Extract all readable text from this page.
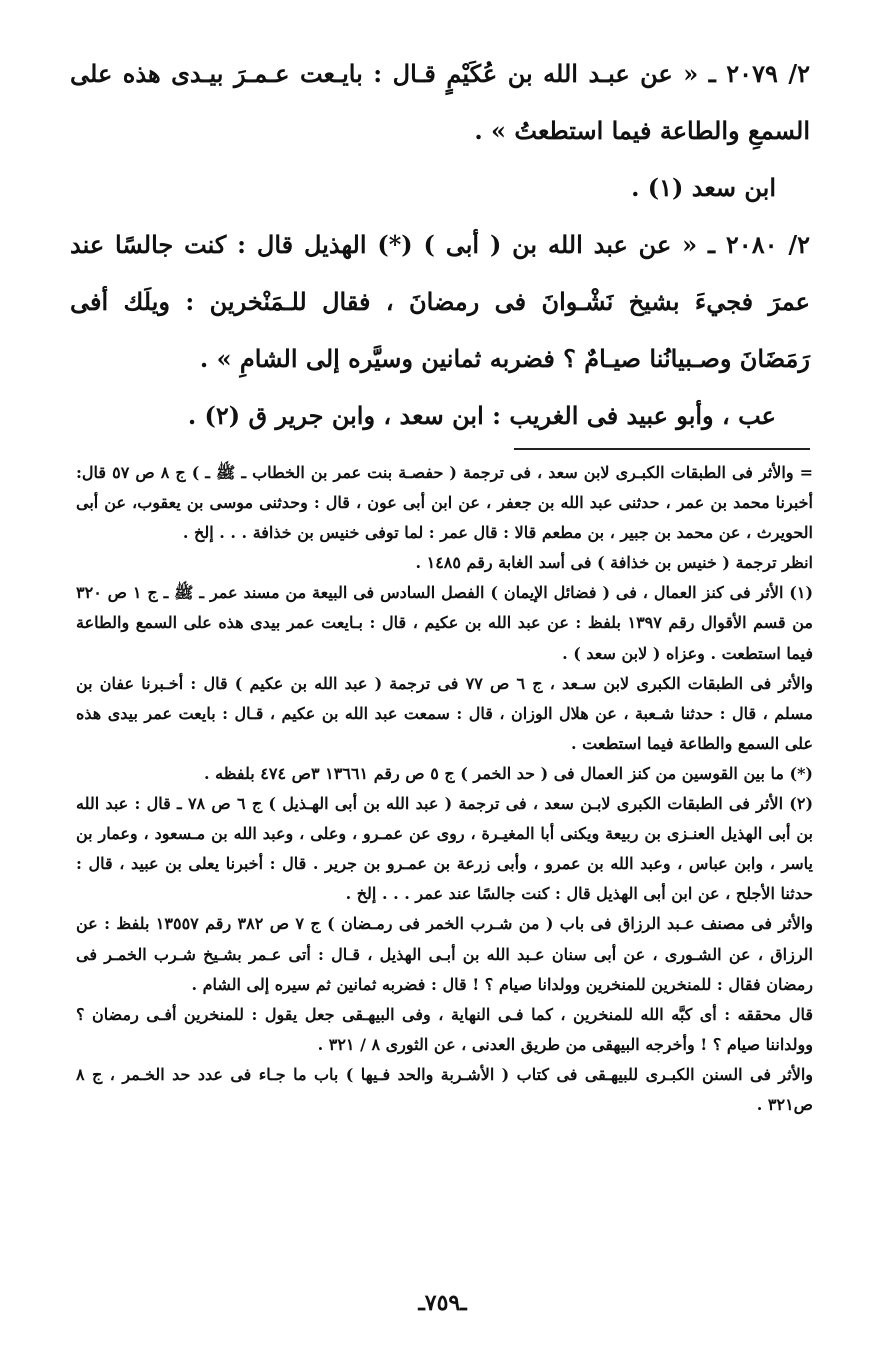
٢/ ٢٠٧٩ ـ « عن عبـد الله بن عُكَيْمٍ قـال : بايـعت عـمـرَ بيـدى هذه على السمعِ والطاعة فيما استطعتُ » .

ابن سعد (١) .

٢/ ٢٠٨٠ ـ « عن عبد الله بن ( أبى ) (*) الهذيل قال : كنت جالسًا عند عمرَ فجيءَ بشيخ نَشْـوانَ فى رمضانَ ، فقال للـمَنْخرين : ويلَك أفى رَمَضَانَ وصـبيانُنا صيـامٌ ؟ فضربه ثمانين وسيَّره إلى الشامِ » .

عب ، وأبو عبيد فى الغريب : ابن سعد ، وابن جرير ق (٢) .

= والأثر فى الطبقات الكبـرى لابن سعد ، فى ترجمة ( حفصـة بنت عمر بن الخطاب ـ ﷺ ـ ) ج ٨ ص ٥٧ قال: أخبرنا محمد بن عمر ، حدثنى عبد الله بن جعفر ، عن ابن أبى عون ، قال : وحدثنى موسى بن يعقوب، عن أبى الحويرث ، عن محمد بن جبير ، بن مطعم قالا : قال عمر : لما توفى خنيس بن خذافة . . . إلخ .

انظر ترجمة ( خنيس بن خذافة ) فى أسد الغابة رقم ١٤٨٥ .

(١) الأثر فى كنز العمال ، فى ( فضائل الإيمان ) الفصل السادس فى البيعة من مسند عمر ـ ﷺ ـ ج ١ ص ٣٢٠ من قسم الأقوال رقم ١٣٩٧ بلفظ : عن عبد الله بن عكيم ، قال : بـايعت عمر بيدى هذه على السمع والطاعة فيما استطعت . وعزاه ( لابن سعد ) .

والأثر فى الطبقات الكبرى لابن سـعد ، ج ٦ ص ٧٧ فى ترجمة ( عبد الله بن عكيم ) قال : أخـبرنا عفان بن مسلم ، قال : حدثنا شـعبة ، عن هلال الوزان ، قال : سمعت عبد الله بن عكيم ، قـال : بايعت عمر بيدى هذه على السمع والطاعة فيما استطعت .

(*) ما بين القوسين من كنز العمال فى ( حد الخمر ) ج ٥ ص رقم ١٣٦٦١ ٣ص ٤٧٤ بلفظه .

(٢) الأثر فى الطبقات الكبرى لابـن سعد ، فى ترجمة ( عبد الله بن أبى الهـذيل ) ج ٦ ص ٧٨ ـ قال : عبد الله بن أبى الهذيل العنـزى بن ربيعة ويكنى أبا المغيـرة ، روى عن عمـرو ، وعلى ، وعبد الله بن مـسعود ، وعمار بن ياسر ، وابن عباس ، وعبد الله بن عمرو ، وأبى زرعة بن عمـرو بن جرير . قال : أخبرنا يعلى بن عبيد ، قال : حدثنا الأجلح ، عن ابن أبى الهذيل قال : كنت جالسًا عند عمر . . . إلخ .

والأثر فى مصنف عـبد الرزاق فى باب ( من شـرب الخمر فى رمـضان ) ج ٧ ص ٣٨٢ رقم ١٣٥٥٧ بلفظ : عن الرزاق ، عن الشـورى ، عن أبى سنان عـبد الله بن أبـى الهذيل ، قـال : أتى عـمر بشـيخ شـرب الخمـر فى رمضان فقال : للمنخرين للمنخرين وولدانا صيام ؟ ! قال : فضربه ثمانين ثم سيره إلى الشام .

قال محققه : أى كبَّه الله للمنخرين ، كما فـى النهاية ، وفى البيهـقى جعل يقول : للمنخرين أفـى رمضان ؟ وولداننا صيام ؟ ! وأخرجه البيهقى من طريق العدنى ، عن الثورى ٨ / ٣٢١ .

والأثر فى السنن الكبـرى للبيهـقى فى كتاب ( الأشـربة والحد فـيها ) باب ما جـاء فى عدد حد الخـمر ، ج ٨ ص٣٢١ .

ـ٧٥٩ـ
